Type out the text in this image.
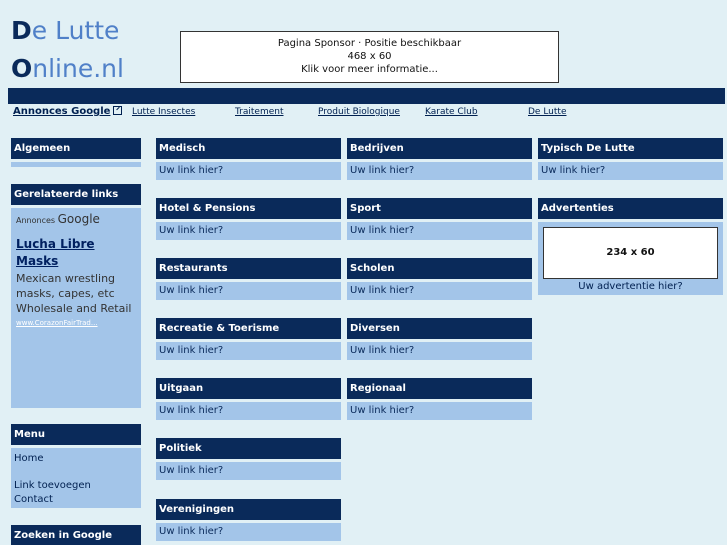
De Lutte
Online.nl
Pagina Sponsor · Positie beschikbaar
468 x 60
Klik voor meer informatie...
Annonces Google	Lutte Insectes	Traitement	Produit Biologique	Karate Club	De Lutte
Algemeen
Gerelateerde links
Annonces Google
Lucha Libre Masks
Mexican wrestling masks, capes, etc Wholesale and Retail
www.CorazonFairTrad...
Menu
Home
Link toevoegen
Contact
Zoeken in Google
Medisch
Uw link hier?
Hotel & Pensions
Uw link hier?
Restaurants
Uw link hier?
Recreatie & Toerisme
Uw link hier?
Uitgaan
Uw link hier?
Politiek
Uw link hier?
Verenigingen
Uw link hier?
Bedrijven
Uw link hier?
Sport
Uw link hier?
Scholen
Uw link hier?
Diversen
Uw link hier?
Regionaal
Uw link hier?
Typisch De Lutte
Uw link hier?
Advertenties
234 x 60
Uw advertentie hier?
